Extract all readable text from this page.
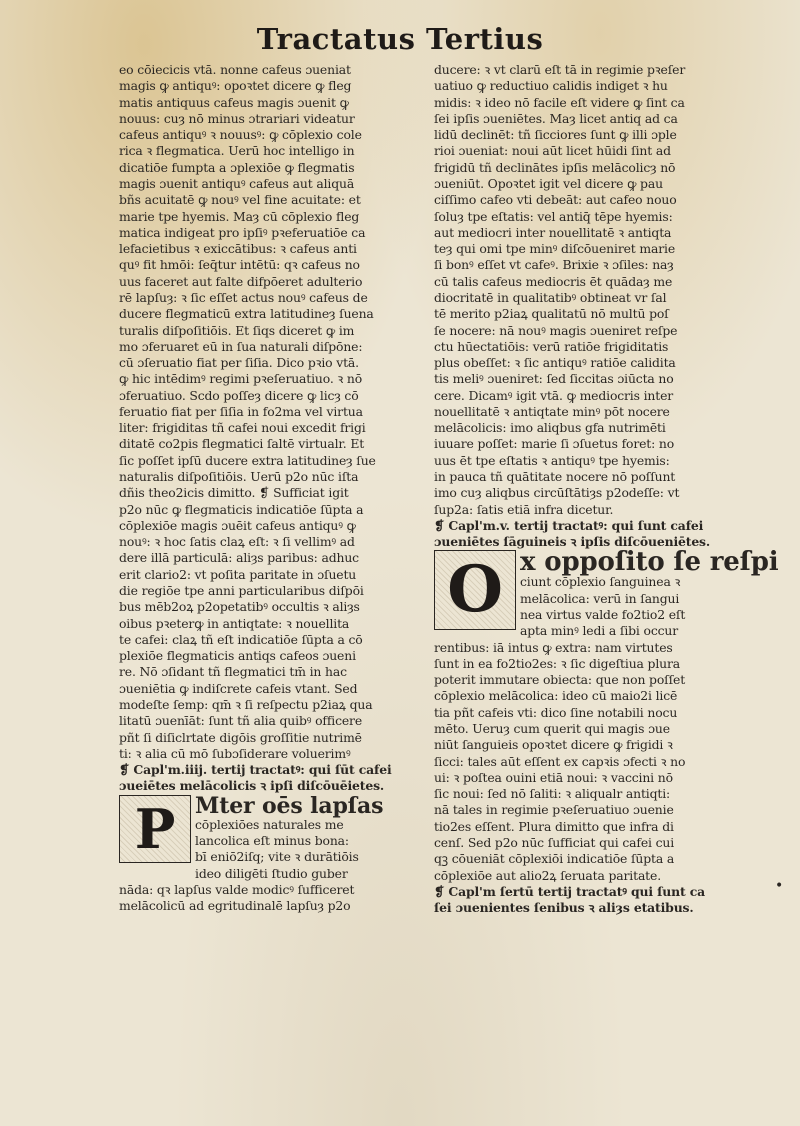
Tractatus Tertius
eo cōiecicis vtā. nonne cafeus ɔueniat
magis ꝙ antiquꝰ: opoꝛtet dicere ꝙ fleg
matis antiquus cafeus magis ɔuenit ꝙ
nouus: cuȝ nō minus ɔtrariari videatur
cafeus antiquꝰ ꝛ nouusꝰ: ꝙ cōplexio cole
rica ꝛ flegmatica. Uerū hoc intelligo in
dicatiōe fumpta a ɔplexiōe ꝙ flegmatis
magis ɔuenit antiquꝰ cafeus aut aliquā
bñs acuitatē ꝙ nouꝰ vel fine acuitate: et
marie tpe hyemis. Maȝ cū cōplexio fleg
matica indigeat pro ipſiꝰ pꝛeferuatiōe ca
lefacietibus ꝛ exiccātibus: ꝛ cafeus anti
quꝰ fit hmōi: ſeq̄tur intētū: qꝛ cafeus no
uus faceret aut falte difpōeret adulterio
rē lapſuȝ: ꝛ ſic eſſet actus nouꝰ cafeus de
ducere flegmaticū extra latitudineȝ ſuena
turalis diſpoſitiōis. Et ſiqs diceret ꝙ im
mo ɔferuaret eū in ſua naturali diſpōne:
cū ɔſeruatio fiat per ſiſia. Dico pꝛio vtā.
ꝙ hic intēdimꝰ regimi pꝛeſeruatiuo. ꝛ nō
ɔferuatiuo. Scdo poſſeȝ dicere ꝙ licȝ cō
feruatio fiat per ſiſia in fo2ma vel virtua
liter: frigiditas tñ cafei noui excedit frigi
ditatē co2pis flegmatici ſaltē virtualr. Et
ſic poſſet ipſū ducere extra latitudineȝ ſue
naturalis diſpoſitiōis. Uerū p2o nūc iſta
dñis theo2icis dimitto. ❡ Sufficiat igit
p2o nūc ꝙ flegmaticis indicatiōe ſūpta a
cōplexiōe magis ɔuēit cafeus antiquꝰ ꝙ
nouꝰ: ꝛ hoc ſatis claꝝ eſt: ꝛ ſi vellimꝰ ad
dere illā particulā: aliȝs paribus: adhuc
erit clario2: vt poſita paritate in ɔſuetu
die regiōe tpe anni particularibus diſpōi
bus mēb2oꝝ p2opetatibꝰ occultis ꝛ aliȝs
oibus pꝛeterꝙ in antiqtate: ꝛ nouellita
te cafei: claꝝ tñ eſt indicatiōe ſūpta a cō
plexiōe flegmaticis antiqs cafeos ɔueni
re. Nō ɔſidant tñ flegmatici tm̄ in hac
ɔueniētia ꝙ indiſcrete cafeis vtant. Sed
modeſte ſemp: qm̄ ꝛ ſi reſpectu p2iaꝝ qua
litatū ɔuenīāt: ſunt tñ alia quibꝰ officere
pñt ſi diſiclrtate digōis groſſitie nutrimē
ti: ꝛ alia cū mō ſubɔſiderare voluerimꝰ
❡ Capl'm.iiij. tertij tractatꝰ: qui ſūt cafei
ɔueiētes melācolicis ꝛ ipſi diſcōuēietes.
P Mter oēs lapſas
cōplexiōes naturales me
lancolica eſt minus bona:
bī eniō2iſq; vite ꝛ durātiōis
ideo diligēti ſtudio guber
nāda: qꝛ lapſus valde modicꝰ ſufficeret
melācolicū ad egritudinalē lapſuȝ p2o
ducere: ꝛ vt clarū eſt tā in regimie pꝛeſer
uatiuo ꝙ reductiuo calidis indiget ꝛ hu
midis: ꝛ ideo nō facile eſt videre ꝙ ſint ca
ſei ipſis ɔueniētes. Maȝ licet antiq ad ca
lidū declinēt: tñ ſicciores ſunt ꝙ illi ɔple
rioi ɔueniat: noui aūt licet hūidi ſint ad
frigidū tñ declinātes ipſis melācolicȝ nō
ɔueniūt. Opoꝛtet igit vel dicere ꝙ pau
ciſſimo cafeo vti debeāt: aut cafeo nouo
ſoluȝ tpe eſtatis: vel antiq̄ tēpe hyemis:
aut mediocri inter nouellitatē ꝛ antiqta
teȝ qui omi tpe minꝰ diſcōueniret marie
ſi bonꝰ eſſet vt cafeꝰ. Brixie ꝛ ɔſiles: naȝ
cū talis cafeus mediocris ēt quādaȝ me
diocritatē in qualitatibꝰ obtineat vr ſal
tē merito p2iaꝝ qualitatū nō multū poſ
ſe nocere: nā nouꝰ magis ɔueniret reſpe
ctu hūectatiōis: verū ratiōe frigiditatis
plus obeſſet: ꝛ ſic antiquꝰ ratiōe calidita
tis meliꝰ ɔueniret: ſed ſiccitas ɔiūcta no
cere. Dicamꝰ igit vtā. ꝙ mediocris inter
nouellitatē ꝛ antiqtate minꝰ pōt nocere
melācolicis: imo aliqbus gfa nutrimēti
iuuare poſſet: marie ſi ɔſuetus foret: no
uus ēt tpe eſtatis ꝛ antiquꝰ tpe hyemis:
in pauca tñ quātitate nocere nō poſſunt
imo cuȝ aliqbus circūſtātiȝs p2odeſſe: vt
ſup2a: ſatis etiā infra dicetur.
❡ Capl'm.v. tertij tractatꝰ: qui ſunt cafei
ɔueniētes ſāguineis ꝛ ipſis diſcōueniētes.
O x oppoſito ſe reſpi
ciunt cōplexio ſanguinea ꝛ
melācolica: verū in ſangui
nea virtus valde fo2tio2 eſt
apta minꝰ ledi a ſibi occur
rentibus: iā intus ꝙ extra: nam virtutes
ſunt in ea fo2tio2es: ꝛ ſic digeſtiua plura
poterit immutare obiecta: que non poſſet
cōplexio melācolica: ideo cū maio2i licē
tia pñt cafeis vti: dico ſine notabili nocu
mēto. Ueruȝ cum querit qui magis ɔue
niūt ſanguieis opoꝛtet dicere ꝙ frigidi ꝛ
ſicci: tales aūt eſſent ex capꝛis ɔfecti ꝛ no
ui: ꝛ poſtea ouini etiā noui: ꝛ vaccini nō
ſic noui: ſed nō ſaliti: ꝛ aliqualr antiqti:
nā tales in regimie pꝛeſeruatiuo ɔuenie
tio2es eſſent. Plura dimitto que infra di
cenſ. Sed p2o nūc ſufficiat qui cafei cui
qꝫ cōueniāt cōplexiōi indicatiōe ſūpta a
cōplexiōe aut alio2ꝝ ſeruata paritate.
❡ Capl'm ſertū tertij tractatꝰ qui ſunt ca
ſei ɔuenientes ſenibus ꝛ aliȝs etatibus.
•
